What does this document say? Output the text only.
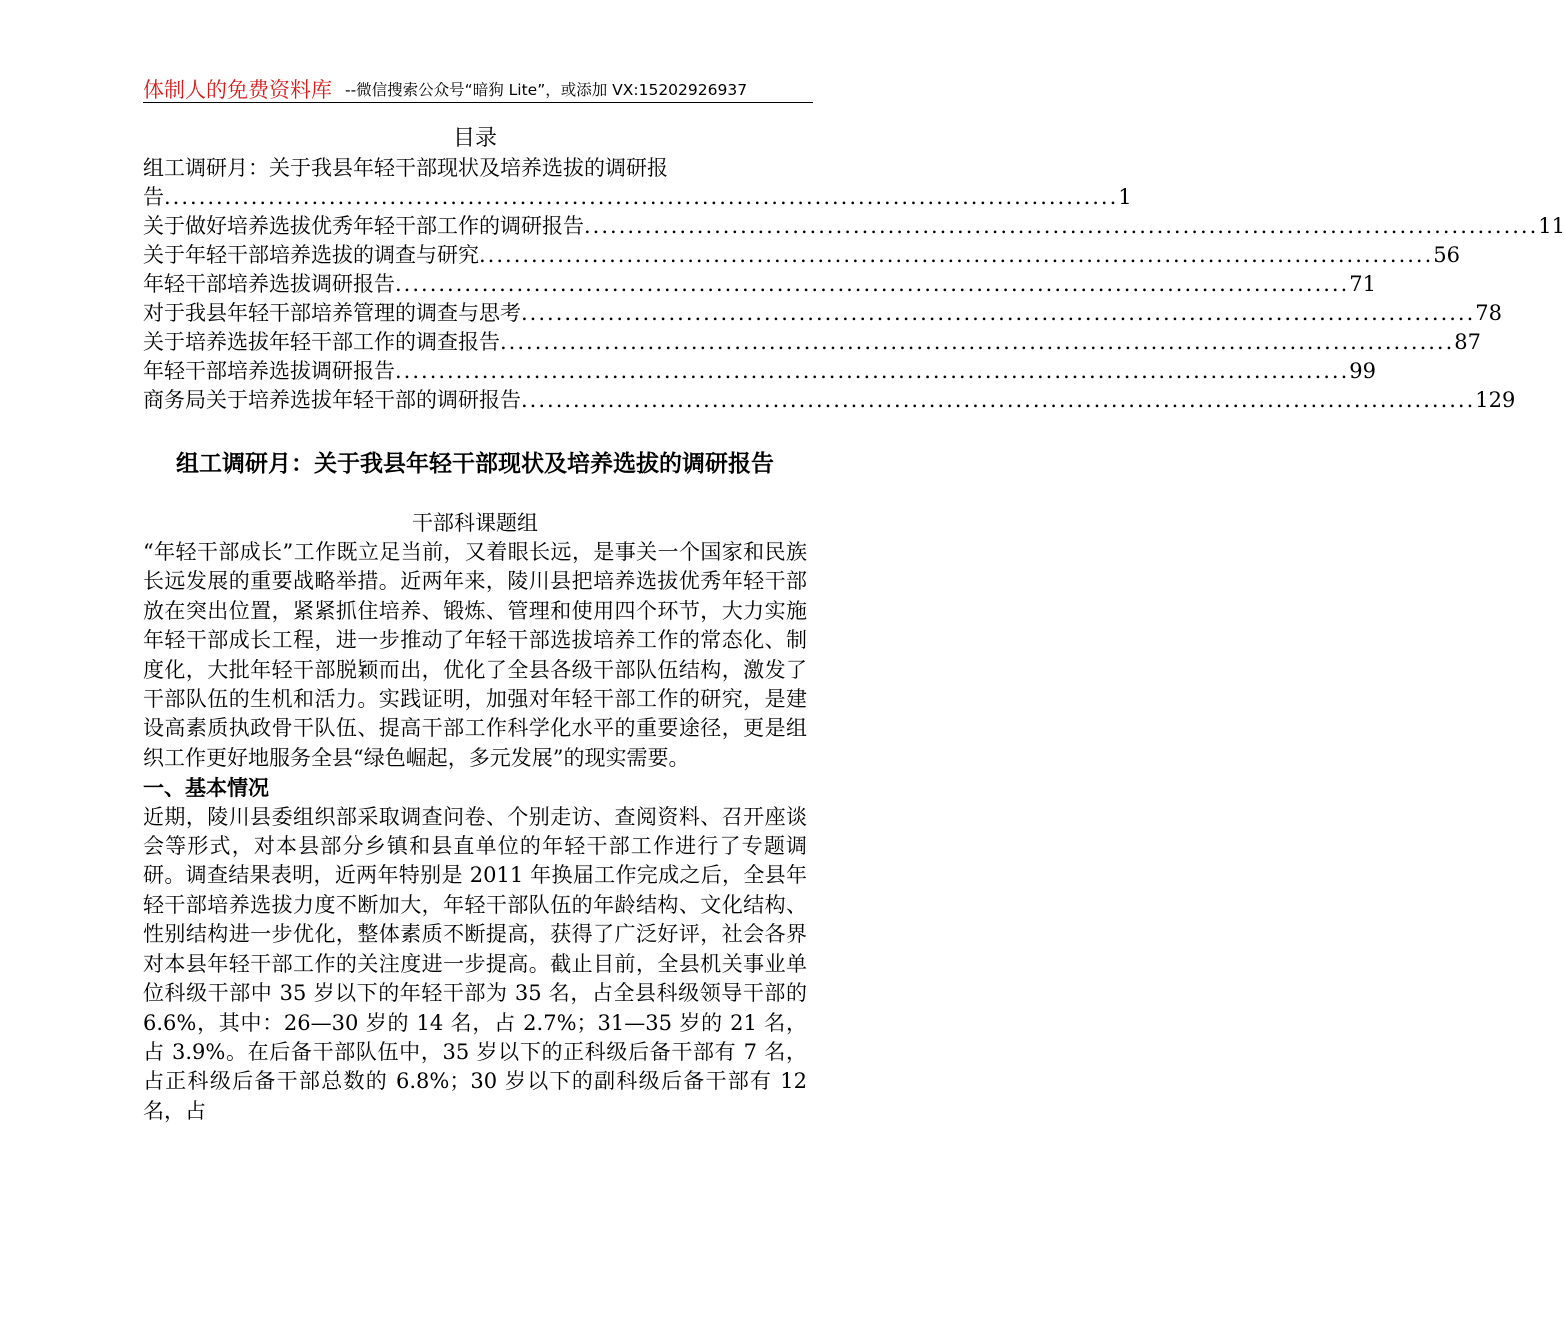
体制人的免费资料库 --微信搜索公众号“暗狗 Lite”，或添加 VX:15202926937
目录
组工调研月：关于我县年轻干部现状及培养选拔的调研报
告 .............................................................................................................. 1
关于做好培养选拔优秀年轻干部工作的调研报告 .............................................................................................................. 11
关于年轻干部培养选拔的调查与研究 .............................................................................................................. 56
年轻干部培养选拔调研报告 .............................................................................................................. 71
对于我县年轻干部培养管理的调查与思考 .............................................................................................................. 78
关于培养选拔年轻干部工作的调查报告 .............................................................................................................. 87
年轻干部培养选拔调研报告 .............................................................................................................. 99
商务局关于培养选拔年轻干部的调研报告 .............................................................................................................. 129
组工调研月：关于我县年轻干部现状及培养选拔的调研报告
干部科课题组

“年轻干部成长”工作既立足当前，又着眼长远，是事关一个国家和民族长远发展的重要战略举措。近两年来，陵川县把培养选拔优秀年轻干部放在突出位置，紧紧抓住培养、锻炼、管理和使用四个环节，大力实施年轻干部成长工程，进一步推动了年轻干部选拔培养工作的常态化、制度化，大批年轻干部脱颖而出，优化了全县各级干部队伍结构，激发了干部队伍的生机和活力。实践证明，加强对年轻干部工作的研究，是建设高素质执政骨干队伍、提高干部工作科学化水平的重要途径，更是组织工作更好地服务全县“绿色崛起，多元发展”的现实需要。

一、基本情况

近期，陵川县委组织部采取调查问卷、个别走访、查阅资料、召开座谈会等形式，对本县部分乡镇和县直单位的年轻干部工作进行了专题调研。调查结果表明，近两年特别是 2011 年换届工作完成之后，全县年轻干部培养选拔力度不断加大，年轻干部队伍的年龄结构、文化结构、性别结构进一步优化，整体素质不断提高，获得了广泛好评，社会各界对本县年轻干部工作的关注度进一步提高。截止目前，全县机关事业单位科级干部中 35 岁以下的年轻干部为 35 名，占全县科级领导干部的 6.6%，其中：26—30 岁的 14 名，占 2.7%；31—35 岁的 21 名，占 3.9%。在后备干部队伍中，35 岁以下的正科级后备干部有 7 名，占正科级后备干部总数的 6.8%；30 岁以下的副科级后备干部有 12 名，占
